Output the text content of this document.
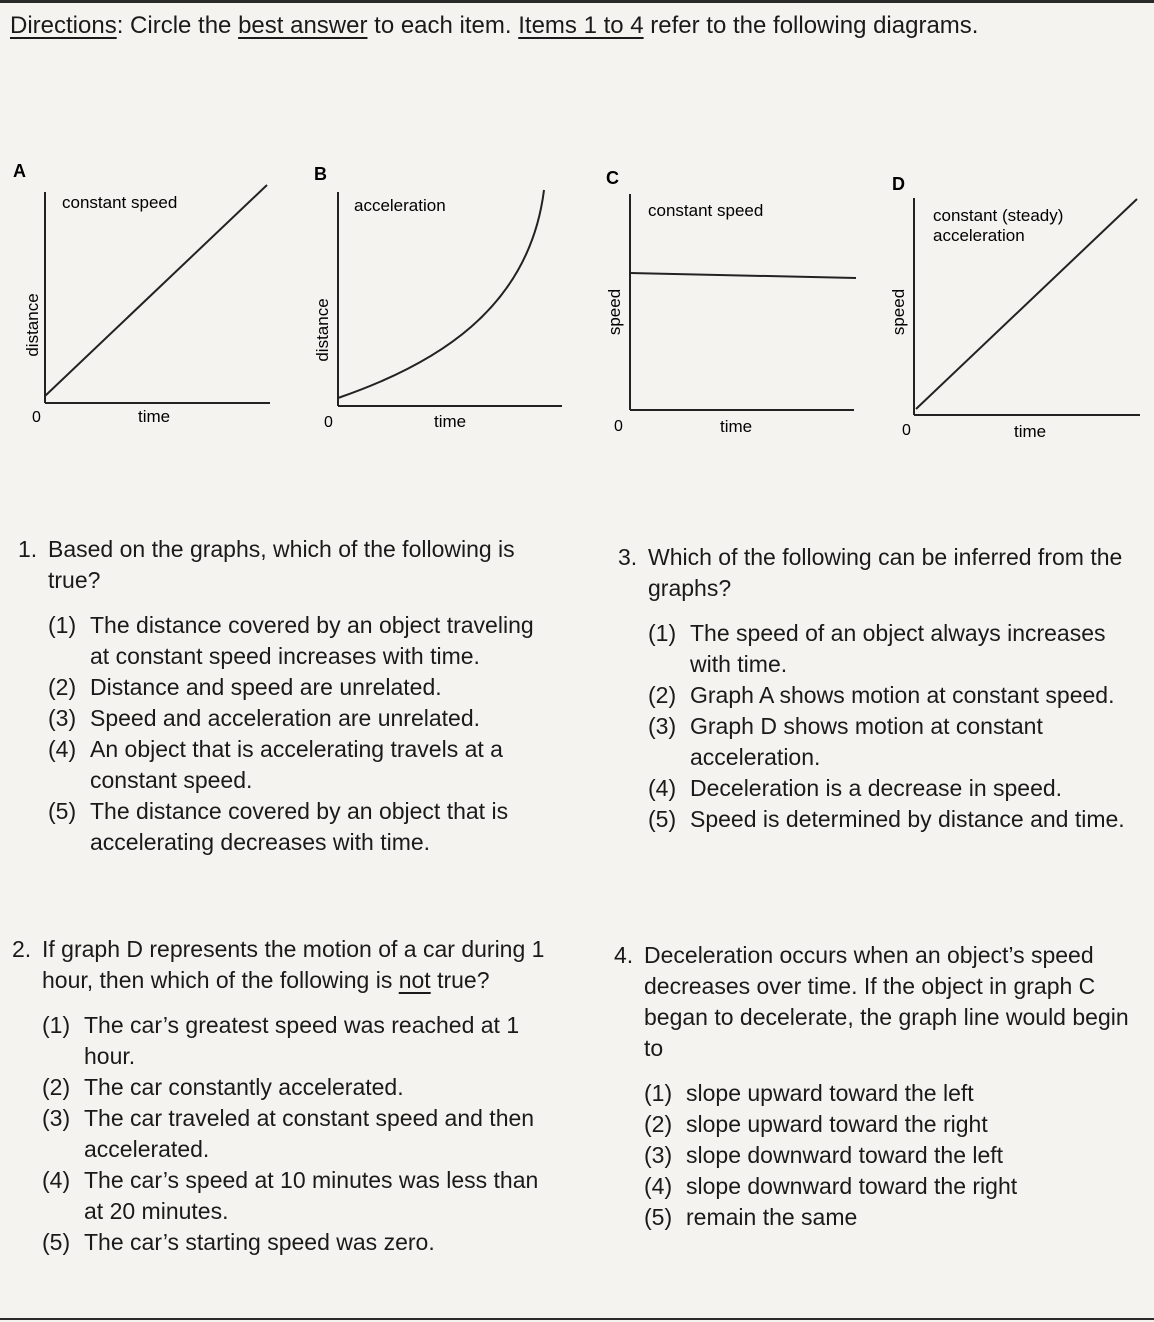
Directions: Circle the best answer to each item. Items 1 to 4 refer to the following diagrams.
A
constant speed
distance
0	time
B
acceleration
distance
0	time
C
constant speed
speed
0	time
D
constant (steady)
acceleration
speed
0	time
1. Based on the graphs, which of the following is true?
(1) The distance covered by an object traveling at constant speed increases with time.
(2) Distance and speed are unrelated.
(3) Speed and acceleration are unrelated.
(4) An object that is accelerating travels at a constant speed.
(5) The distance covered by an object that is accelerating decreases with time.
2. If graph D represents the motion of a car during 1 hour, then which of the following is not true?
(1) The car’s greatest speed was reached at 1 hour.
(2) The car constantly accelerated.
(3) The car traveled at constant speed and then accelerated.
(4) The car’s speed at 10 minutes was less than at 20 minutes.
(5) The car’s starting speed was zero.
3. Which of the following can be inferred from the graphs?
(1) The speed of an object always increases with time.
(2) Graph A shows motion at constant speed.
(3) Graph D shows motion at constant acceleration.
(4) Deceleration is a decrease in speed.
(5) Speed is determined by distance and time.
4. Deceleration occurs when an object’s speed decreases over time. If the object in graph C began to decelerate, the graph line would begin to
(1) slope upward toward the left
(2) slope upward toward the right
(3) slope downward toward the left
(4) slope downward toward the right
(5) remain the same
